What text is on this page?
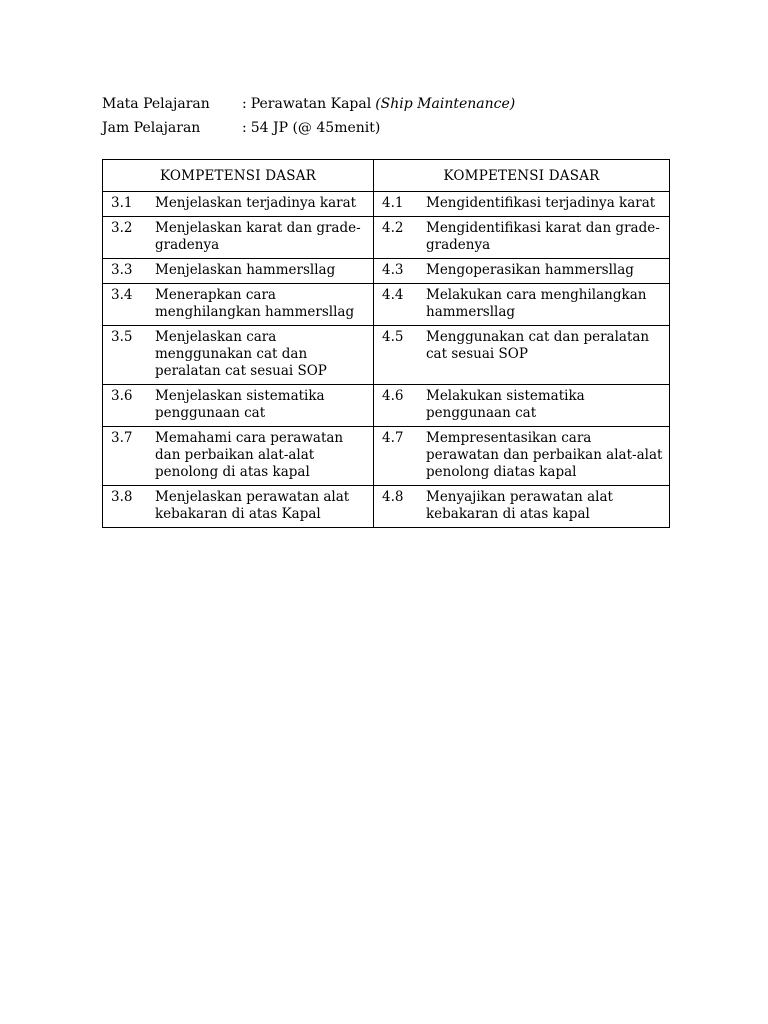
Mata Pelajaran	: Perawatan Kapal (Ship Maintenance)
Jam Pelajaran	: 54 JP (@ 45menit)
KOMPETENSI DASAR	KOMPETENSI DASAR

3.1 Menjelaskan terjadinya karat	4.1 Mengidentifikasi terjadinya karat

3.2 Menjelaskan karat dan grade-gradenya	4.2 Mengidentifikasi karat dan grade-gradenya

3.3 Menjelaskan hammersllag	4.3 Mengoperasikan hammersllag

3.4 Menerapkan cara menghilangkan hammersllag	4.4 Melakukan cara menghilangkan hammersllag

3.5 Menjelaskan cara menggunakan cat dan peralatan cat sesuai SOP	4.5 Menggunakan cat dan peralatan cat sesuai SOP

3.6 Menjelaskan sistematika penggunaan cat	4.6 Melakukan sistematika penggunaan cat

3.7 Memahami cara perawatan dan perbaikan alat-alat penolong di atas kapal	4.7 Mempresentasikan cara perawatan dan perbaikan alat-alat penolong diatas kapal

3.8 Menjelaskan perawatan alat kebakaran di atas Kapal	4.8 Menyajikan perawatan alat kebakaran di atas kapal
